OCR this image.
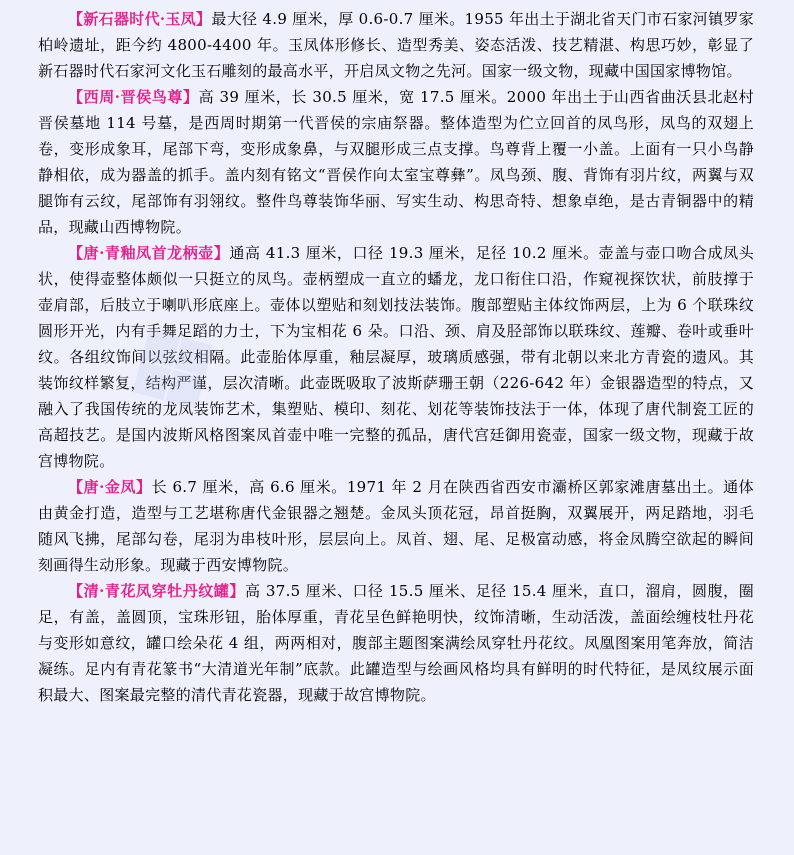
❖

【新石器时代·玉凤】最大径 4.9 厘米，厚 0.6-0.7 厘米。1955 年出土于湖北省天门市石家河镇罗家柏岭遗址，距今约 4800-4400 年。玉凤体形修长、造型秀美、姿态活泼、技艺精湛、构思巧妙，彰显了新石器时代石家河文化玉石雕刻的最高水平，开启凤文物之先河。国家一级文物，现藏中国国家博物馆。

【西周·晋侯鸟尊】高 39 厘米，长 30.5 厘米，宽 17.5 厘米。2000 年出土于山西省曲沃县北赵村晋侯墓地 114 号墓，是西周时期第一代晋侯的宗庙祭器。整体造型为伫立回首的凤鸟形，凤鸟的双翅上卷，变形成象耳，尾部下弯，变形成象鼻，与双腿形成三点支撑。鸟尊背上覆一小盖。上面有一只小鸟静静相依，成为器盖的抓手。盖内刻有铭文“晋侯作向太室宝尊彝”。凤鸟颈、腹、背饰有羽片纹，两翼与双腿饰有云纹，尾部饰有羽翎纹。整件鸟尊装饰华丽、写实生动、构思奇特、想象卓绝，是古青铜器中的精品，现藏山西博物院。

【唐·青釉凤首龙柄壶】通高 41.3 厘米，口径 19.3 厘米，足径 10.2 厘米。壶盖与壶口吻合成凤头状，使得壶整体颇似一只挺立的凤鸟。壶柄塑成一直立的蟠龙，龙口衔住口沿，作窥视探饮状，前肢撑于壶肩部，后肢立于喇叭形底座上。壶体以塑贴和刻划技法装饰。腹部塑贴主体纹饰两层，上为 6 个联珠纹圆形开光，内有手舞足蹈的力士，下为宝相花 6 朵。口沿、颈、肩及胫部饰以联珠纹、莲瓣、卷叶或垂叶纹。各组纹饰间以弦纹相隔。此壶胎体厚重，釉层凝厚，玻璃质感强，带有北朝以来北方青瓷的遗风。其装饰纹样繁复，结构严谨，层次清晰。此壶既吸取了波斯萨珊王朝（226-642 年）金银器造型的特点，又融入了我国传统的龙凤装饰艺术，集塑贴、模印、刻花、划花等装饰技法于一体，体现了唐代制瓷工匠的高超技艺。是国内波斯风格图案凤首壶中唯一完整的孤品，唐代宫廷御用瓷壶，国家一级文物，现藏于故宫博物院。

【唐·金凤】长 6.7 厘米，高 6.6 厘米。1971 年 2 月在陕西省西安市灞桥区郭家滩唐墓出土。通体由黄金打造，造型与工艺堪称唐代金银器之翘楚。金凤头顶花冠，昂首挺胸，双翼展开，两足踏地，羽毛随风飞拂，尾部勾卷，尾羽为串枝叶形，层层向上。凤首、翅、尾、足极富动感，将金凤腾空欲起的瞬间刻画得生动形象。现藏于西安博物院。

【清·青花凤穿牡丹纹罐】高 37.5 厘米、口径 15.5 厘米、足径 15.4 厘米，直口，溜肩，圆腹，圈足，有盖，盖圆顶，宝珠形钮，胎体厚重，青花呈色鲜艳明快，纹饰清晰，生动活泼，盖面绘缠枝牡丹花与变形如意纹，罐口绘朵花 4 组，两两相对，腹部主题图案满绘凤穿牡丹花纹。凤凰图案用笔奔放，简洁凝练。足内有青花篆书“大清道光年制”底款。此罐造型与绘画风格均具有鲜明的时代特征，是凤纹展示面积最大、图案最完整的清代青花瓷器，现藏于故宫博物院。
